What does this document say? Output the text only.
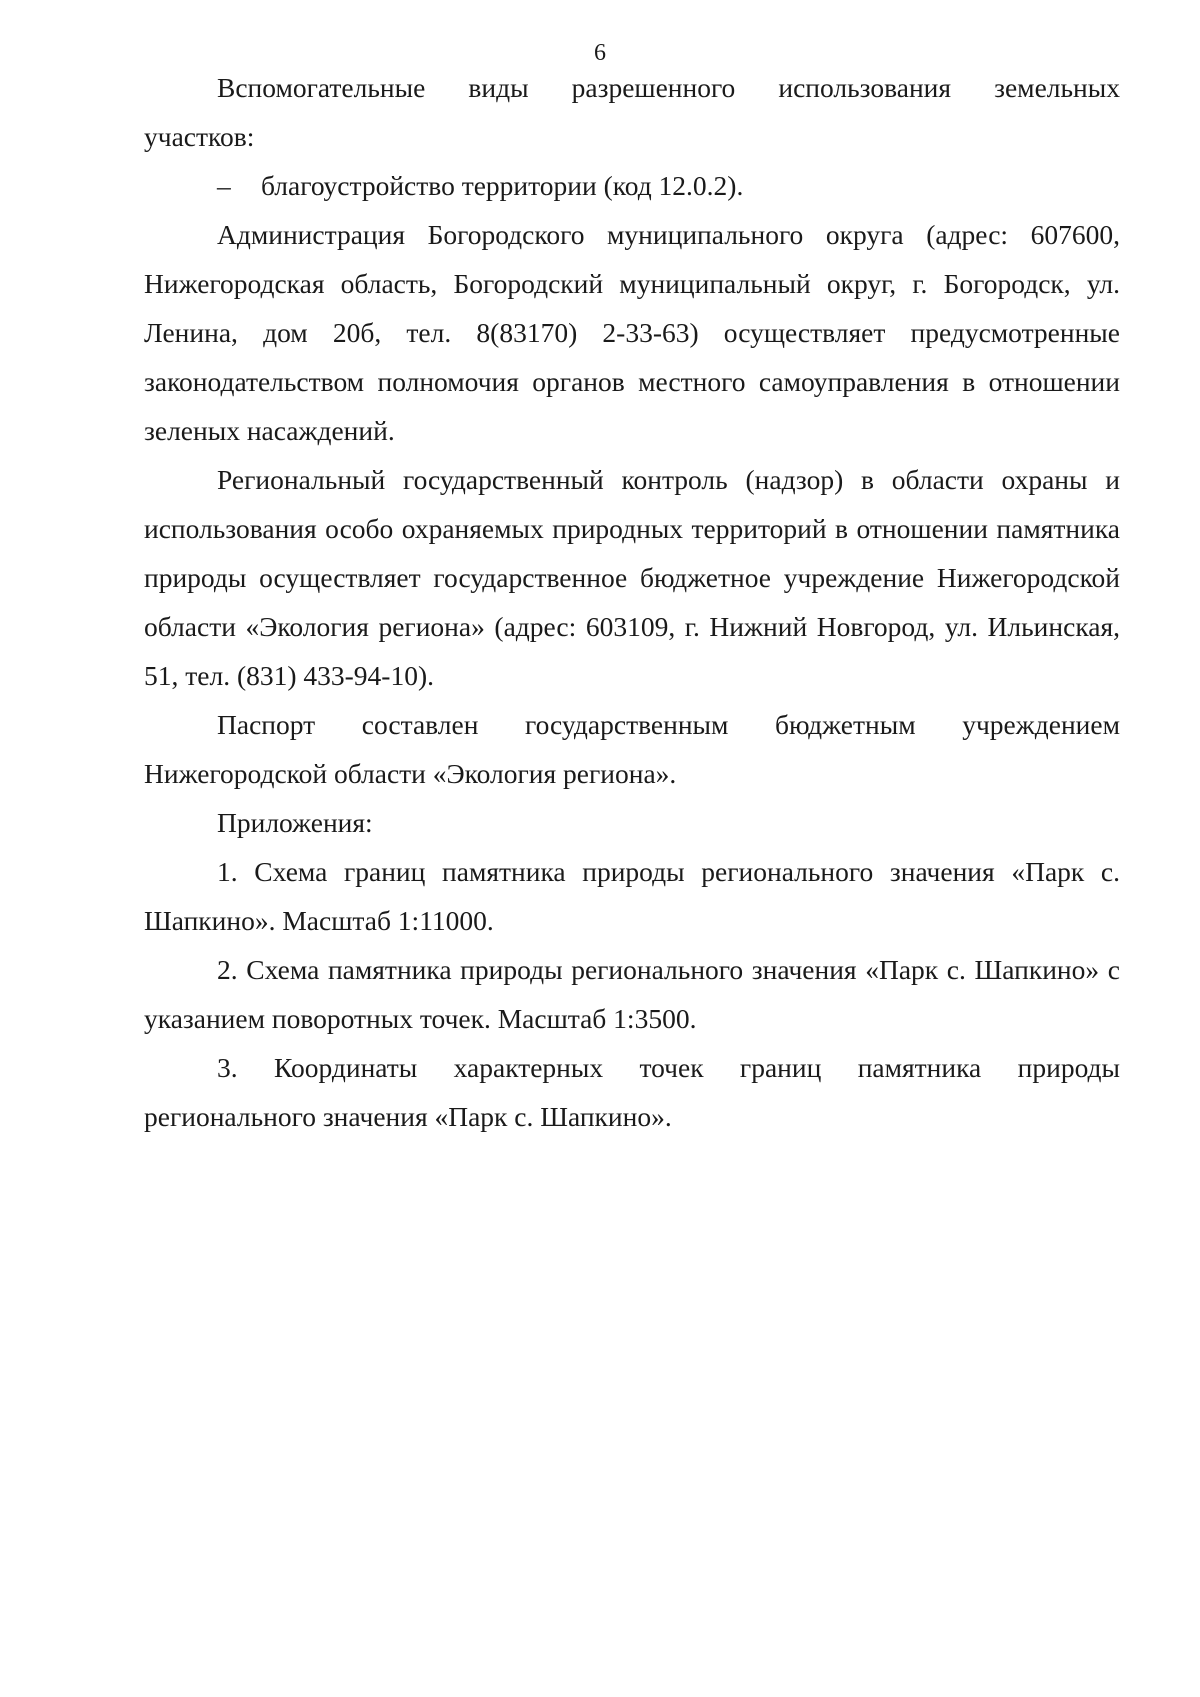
6
Вспомогательные виды разрешенного использования земельных

участков:

– благоустройство территории (код 12.0.2).

Администрация Богородского муниципального округа (адрес: 607600, Нижегородская область, Богородский муниципальный округ, г. Богородск, ул. Ленина, дом 20б, тел. 8(83170) 2-33-63) осуществляет предусмотренные законодательством полномочия органов местного самоуправления в отношении зеленых насаждений.

Региональный государственный контроль (надзор) в области охраны и использования особо охраняемых природных территорий в отношении памятника природы осуществляет государственное бюджетное учреждение Нижегородской области «Экология региона» (адрес: 603109, г. Нижний Новгород, ул. Ильинская, 51, тел. (831) 433-94-10).

Паспорт составлен государственным бюджетным учреждением Нижегородской области «Экология региона».

Приложения:

1. Схема границ памятника природы регионального значения «Парк с. Шапкино». Масштаб 1:11000.

2. Схема памятника природы регионального значения «Парк с. Шапкино» с указанием поворотных точек. Масштаб 1:3500.

3. Координаты характерных точек границ памятника природы регионального значения «Парк с. Шапкино».
